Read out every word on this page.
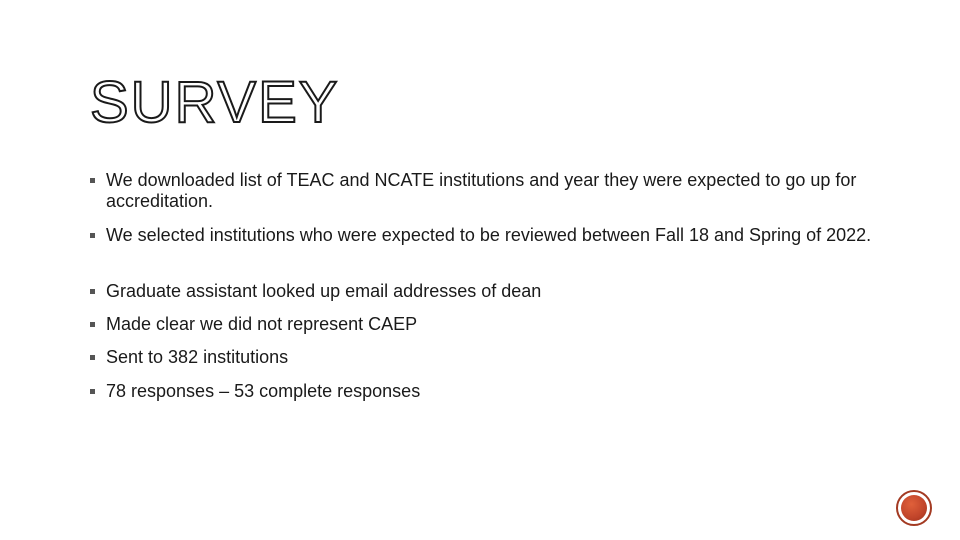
SURVEY
We downloaded list of TEAC and NCATE institutions and year they were expected to go up for accreditation.
We selected institutions who were expected to be reviewed between Fall 18 and Spring of 2022.
Graduate assistant looked up email addresses of dean
Made clear we did not represent CAEP
Sent to 382 institutions
78 responses – 53 complete responses
